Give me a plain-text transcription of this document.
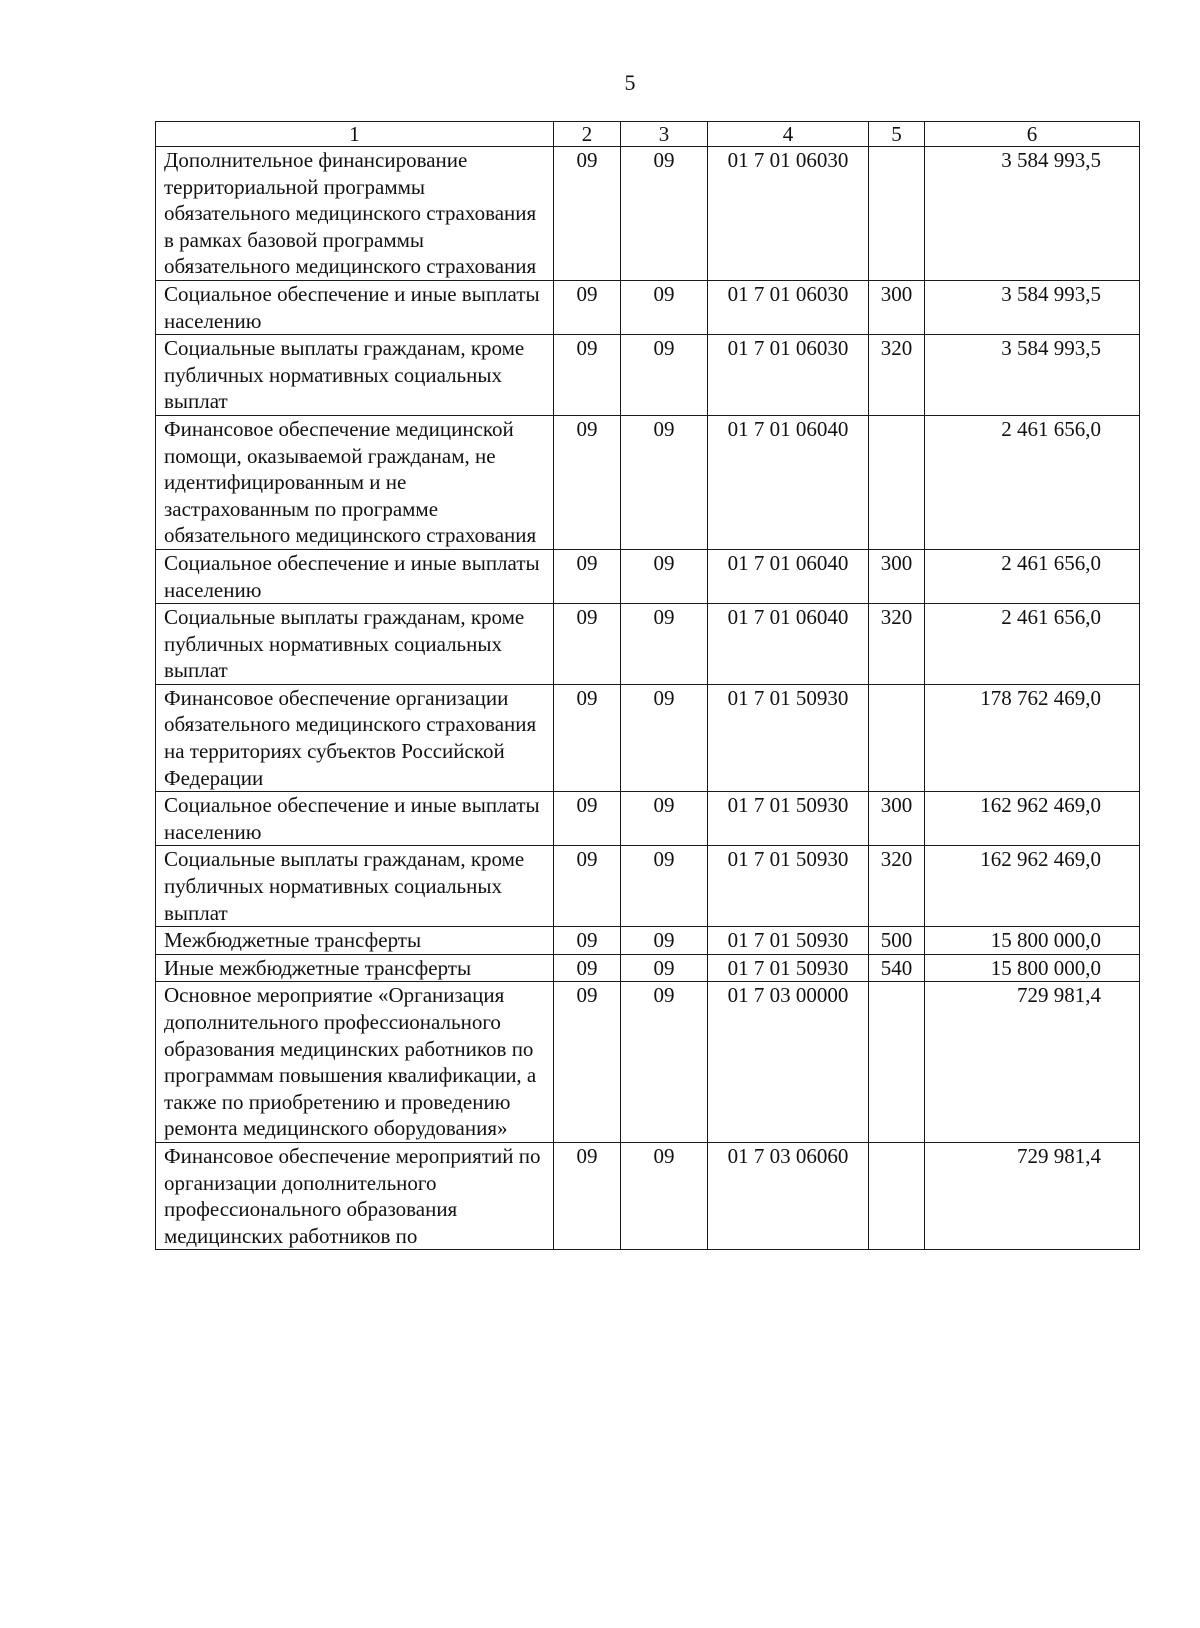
5
1	2	3	4	5	6
Дополнительное финансирование территориальной программы обязательного медицинского страхования в рамках базовой программы обязательного медицинского страхования	09	09	01 7 01 06030		3 584 993,5
Социальное обеспечение и иные выплаты населению	09	09	01 7 01 06030	300	3 584 993,5
Социальные выплаты гражданам, кроме публичных нормативных социальных выплат	09	09	01 7 01 06030	320	3 584 993,5
Финансовое обеспечение медицинской помощи, оказываемой гражданам, не идентифицированным и не застрахованным по программе обязательного медицинского страхования	09	09	01 7 01 06040		2 461 656,0
Социальное обеспечение и иные выплаты населению	09	09	01 7 01 06040	300	2 461 656,0
Социальные выплаты гражданам, кроме публичных нормативных социальных выплат	09	09	01 7 01 06040	320	2 461 656,0
Финансовое обеспечение организации обязательного медицинского страхования на территориях субъектов Российской Федерации	09	09	01 7 01 50930		178 762 469,0
Социальное обеспечение и иные выплаты населению	09	09	01 7 01 50930	300	162 962 469,0
Социальные выплаты гражданам, кроме публичных нормативных социальных выплат	09	09	01 7 01 50930	320	162 962 469,0
Межбюджетные трансферты	09	09	01 7 01 50930	500	15 800 000,0
Иные межбюджетные трансферты	09	09	01 7 01 50930	540	15 800 000,0
Основное мероприятие «Организация дополнительного профессионального образования медицинских работников по программам повышения квалификации, а также по приобретению и проведению ремонта медицинского оборудования»	09	09	01 7 03 00000		729 981,4
Финансовое обеспечение мероприятий по организации дополнительного профессионального образования медицинских работников по	09	09	01 7 03 06060		729 981,4
